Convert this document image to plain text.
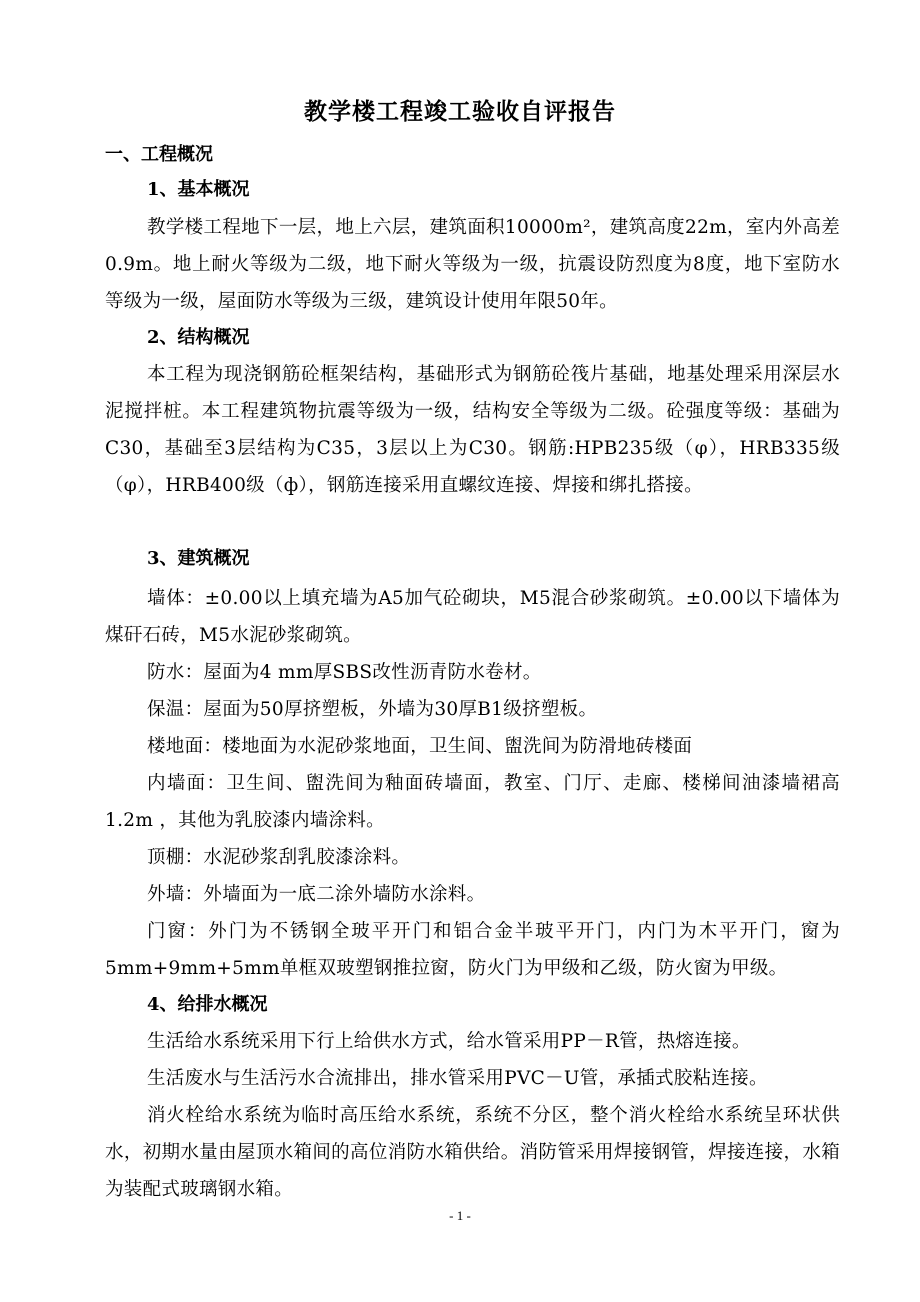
教学楼工程竣工验收自评报告
一、工程概况
1、基本概况
教学楼工程地下一层，地上六层，建筑面积10000m²，建筑高度22m，室内外高差0.9m。地上耐火等级为二级，地下耐火等级为一级，抗震设防烈度为8度，地下室防水等级为一级，屋面防水等级为三级，建筑设计使用年限50年。
2、结构概况
本工程为现浇钢筋砼框架结构，基础形式为钢筋砼筏片基础，地基处理采用深层水泥搅拌桩。本工程建筑物抗震等级为一级，结构安全等级为二级。砼强度等级：基础为C30，基础至3层结构为C35，3层以上为C30。钢筋:HPB235级（φ），HRB335级（φ），HRB400级（ф），钢筋连接采用直螺纹连接、焊接和绑扎搭接。
3、建筑概况
墙体：±0.00以上填充墙为A5加气砼砌块，M5混合砂浆砌筑。±0.00以下墙体为煤矸石砖，M5水泥砂浆砌筑。
防水：屋面为4 mm厚SBS改性沥青防水卷材。
保温：屋面为50厚挤塑板，外墙为30厚B1级挤塑板。
楼地面：楼地面为水泥砂浆地面，卫生间、盥洗间为防滑地砖楼面
内墙面：卫生间、盥洗间为釉面砖墙面，教室、门厅、走廊、楼梯间油漆墙裙高1.2m ，其他为乳胶漆内墙涂料。
顶棚：水泥砂浆刮乳胶漆涂料。
外墙：外墙面为一底二涂外墙防水涂料。
门窗：外门为不锈钢全玻平开门和铝合金半玻平开门，内门为木平开门，窗为5mm+9mm+5mm单框双玻塑钢推拉窗，防火门为甲级和乙级，防火窗为甲级。
4、给排水概况
生活给水系统采用下行上给供水方式，给水管采用PP－R管，热熔连接。
生活废水与生活污水合流排出，排水管采用PVC－U管，承插式胶粘连接。
消火栓给水系统为临时高压给水系统，系统不分区，整个消火栓给水系统呈环状供水，初期水量由屋顶水箱间的高位消防水箱供给。消防管采用焊接钢管，焊接连接，水箱为装配式玻璃钢水箱。
- 1 -
